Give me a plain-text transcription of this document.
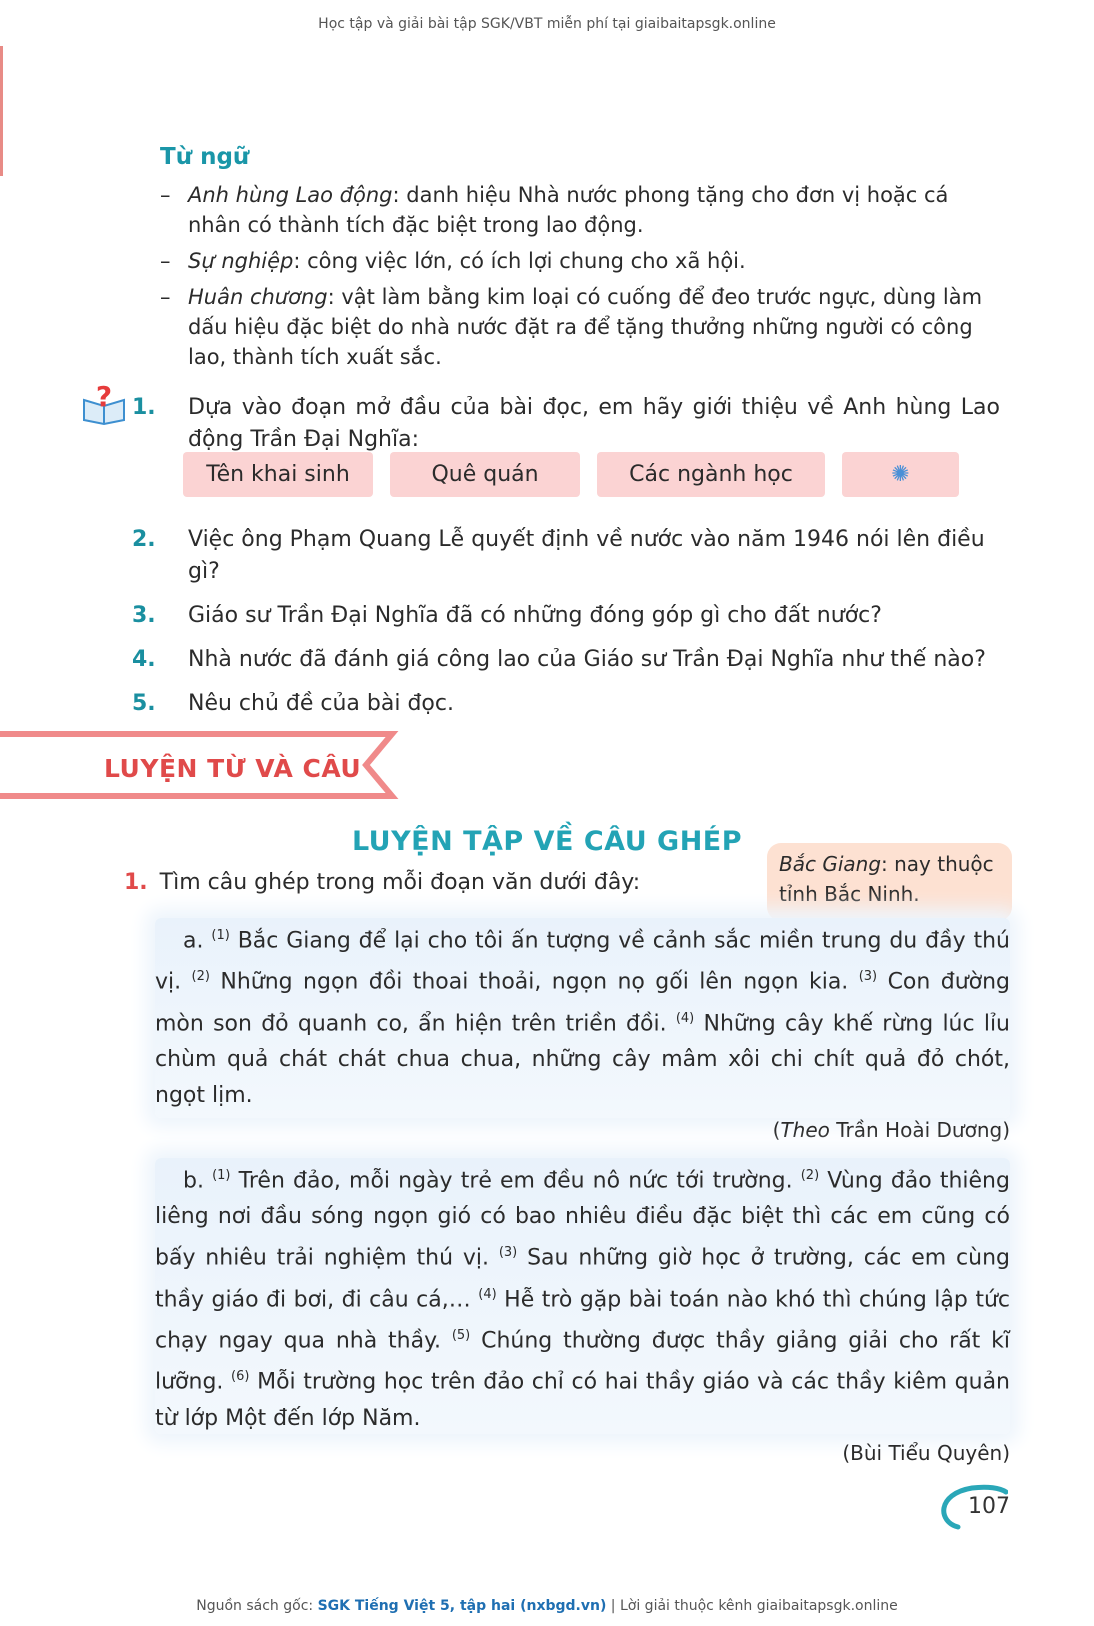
Học tập và giải bài tập SGK/VBT miễn phí tại giaibaitapsgk.online
Từ ngữ
– Anh hùng Lao động: danh hiệu Nhà nước phong tặng cho đơn vị hoặc cá nhân có thành tích đặc biệt trong lao động.
– Sự nghiệp: công việc lớn, có ích lợi chung cho xã hội.
– Huân chương: vật làm bằng kim loại có cuống để đeo trước ngực, dùng làm dấu hiệu đặc biệt do nhà nước đặt ra để tặng thưởng những người có công lao, thành tích xuất sắc.
? 1. Dựa vào đoạn mở đầu của bài đọc, em hãy giới thiệu về Anh hùng Lao động Trần Đại Nghĩa:
Tên khai sinh	Quê quán	Các ngành học	✺
2. Việc ông Phạm Quang Lễ quyết định về nước vào năm 1946 nói lên điều gì?
3. Giáo sư Trần Đại Nghĩa đã có những đóng góp gì cho đất nước?
4. Nhà nước đã đánh giá công lao của Giáo sư Trần Đại Nghĩa như thế nào?
5. Nêu chủ đề của bài đọc.
LUYỆN TỪ VÀ CÂU
LUYỆN TẬP VỀ CÂU GHÉP
1. Tìm câu ghép trong mỗi đoạn văn dưới đây:
Bắc Giang: nay thuộc tỉnh Bắc Ninh.

a. $^{(1)}$ Bắc Giang để lại cho tôi ấn tượng về cảnh sắc miền trung du đầy thú vị. $^{(2)}$ Những ngọn đồi thoai thoải, ngọn nọ gối lên ngọn kia. $^{(3)}$ Con đường mòn son đỏ quanh co, ẩn hiện trên triền đồi. $^{(4)}$ Những cây khế rừng lúc lỉu chùm quả chát chát chua chua, những cây mâm xôi chi chít quả đỏ chót, ngọt lịm.

(Theo Trần Hoài Dương)

b. $^{(1)}$ Trên đảo, mỗi ngày trẻ em đều nô nức tới trường. $^{(2)}$ Vùng đảo thiêng liêng nơi đầu sóng ngọn gió có bao nhiêu điều đặc biệt thì các em cũng có bấy nhiêu trải nghiệm thú vị. $^{(3)}$ Sau những giờ học ở trường, các em cùng thầy giáo đi bơi, đi câu cá,… $^{(4)}$ Hễ trò gặp bài toán nào khó thì chúng lập tức chạy ngay qua nhà thầy. $^{(5)}$ Chúng thường được thầy giảng giải cho rất kĩ lưỡng. $^{(6)}$ Mỗi trường học trên đảo chỉ có hai thầy giáo và các thầy kiêm quản từ lớp Một đến lớp Năm.

(Bùi Tiểu Quyên)
107
Nguồn sách gốc: SGK Tiếng Việt 5, tập hai (nxbgd.vn) | Lời giải thuộc kênh giaibaitapsgk.online
